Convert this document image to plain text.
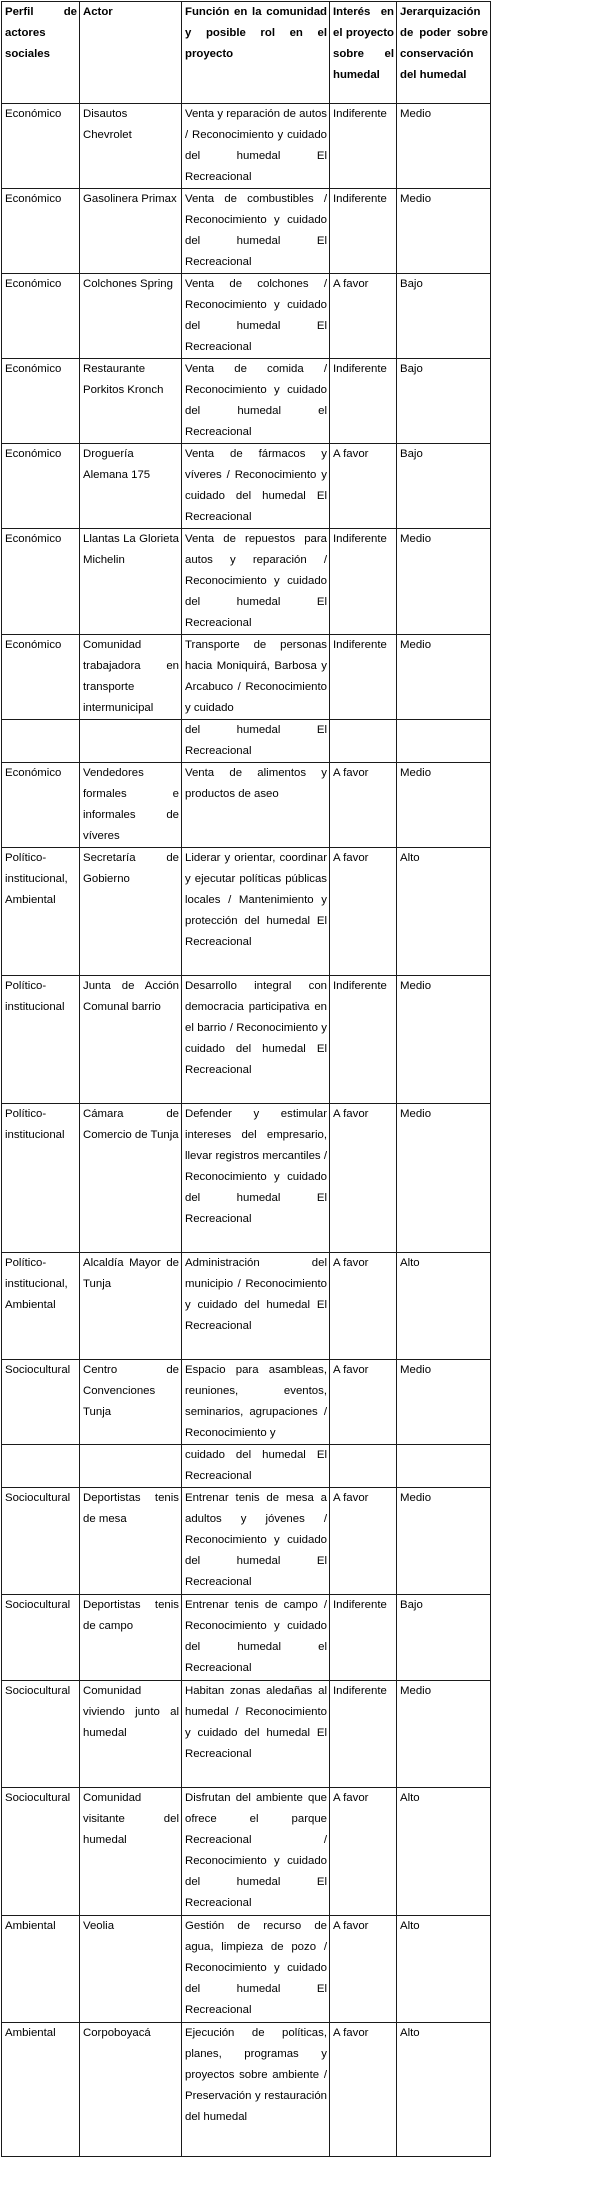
Perfil de actores sociales	Actor	Función en la comunidad y posible rol en el proyecto	Interés en el proyecto sobre el humedal	Jerarquización de poder sobre conservación del humedal
Económico	Disautos Chevrolet	Venta y reparación de autos / Reconocimiento y cuidado del humedal El Recreacional	Indiferente	Medio
Económico	Gasolinera Primax	Venta de combustibles / Reconocimiento y cuidado del humedal El Recreacional	Indiferente	Medio
Económico	Colchones Spring	Venta de colchones / Reconocimiento y cuidado del humedal El Recreacional	A favor	Bajo
Económico	Restaurante Porkitos Kronch	Venta de comida / Reconocimiento y cuidado del humedal el Recreacional	Indiferente	Bajo
Económico	Droguería Alemana 175	Venta de fármacos y víveres / Reconocimiento y cuidado del humedal El Recreacional	A favor	Bajo
Económico	Llantas La Glorieta Michelin	Venta de repuestos para autos y reparación / Reconocimiento y cuidado del humedal El Recreacional	Indiferente	Medio
Económico	Comunidad trabajadora en transporte intermunicipal	Transporte de personas hacia Moniquirá, Barbosa y Arcabuco / Reconocimiento y cuidado	Indiferente	Medio
		del humedal El Recreacional		
Económico	Vendedores formales e informales de víveres	Venta de alimentos y productos de aseo	A favor	Medio
Político-institucional, Ambiental	Secretaría de Gobierno	Liderar y orientar, coordinar y ejecutar políticas públicas locales / Mantenimiento y protección del humedal El Recreacional	A favor	Alto
Político-institucional	Junta de Acción Comunal barrio	Desarrollo integral con democracia participativa en el barrio / Reconocimiento y cuidado del humedal El Recreacional	Indiferente	Medio
Político-institucional	Cámara de Comercio de Tunja	Defender y estimular intereses del empresario, llevar registros mercantiles / Reconocimiento y cuidado del humedal El Recreacional	A favor	Medio
Político-institucional, Ambiental	Alcaldía Mayor de Tunja	Administración del municipio / Reconocimiento y cuidado del humedal El Recreacional	A favor	Alto
Sociocultural	Centro de Convenciones Tunja	Espacio para asambleas, reuniones, eventos, seminarios, agrupaciones / Reconocimiento y	A favor	Medio
		cuidado del humedal El Recreacional		
Sociocultural	Deportistas tenis de mesa	Entrenar tenis de mesa a adultos y jóvenes / Reconocimiento y cuidado del humedal El Recreacional	A favor	Medio
Sociocultural	Deportistas tenis de campo	Entrenar tenis de campo / Reconocimiento y cuidado del humedal el Recreacional	Indiferente	Bajo
Sociocultural	Comunidad viviendo junto al humedal	Habitan zonas aledañas al humedal / Reconocimiento y cuidado del humedal El Recreacional	Indiferente	Medio
Sociocultural	Comunidad visitante del humedal	Disfrutan del ambiente que ofrece el parque Recreacional / Reconocimiento y cuidado del humedal El Recreacional	A favor	Alto
Ambiental	Veolia	Gestión de recurso de agua, limpieza de pozo / Reconocimiento y cuidado del humedal El Recreacional	A favor	Alto
Ambiental	Corpoboyacá	Ejecución de políticas, planes, programas y proyectos sobre ambiente / Preservación y restauración del humedal	A favor	Alto
